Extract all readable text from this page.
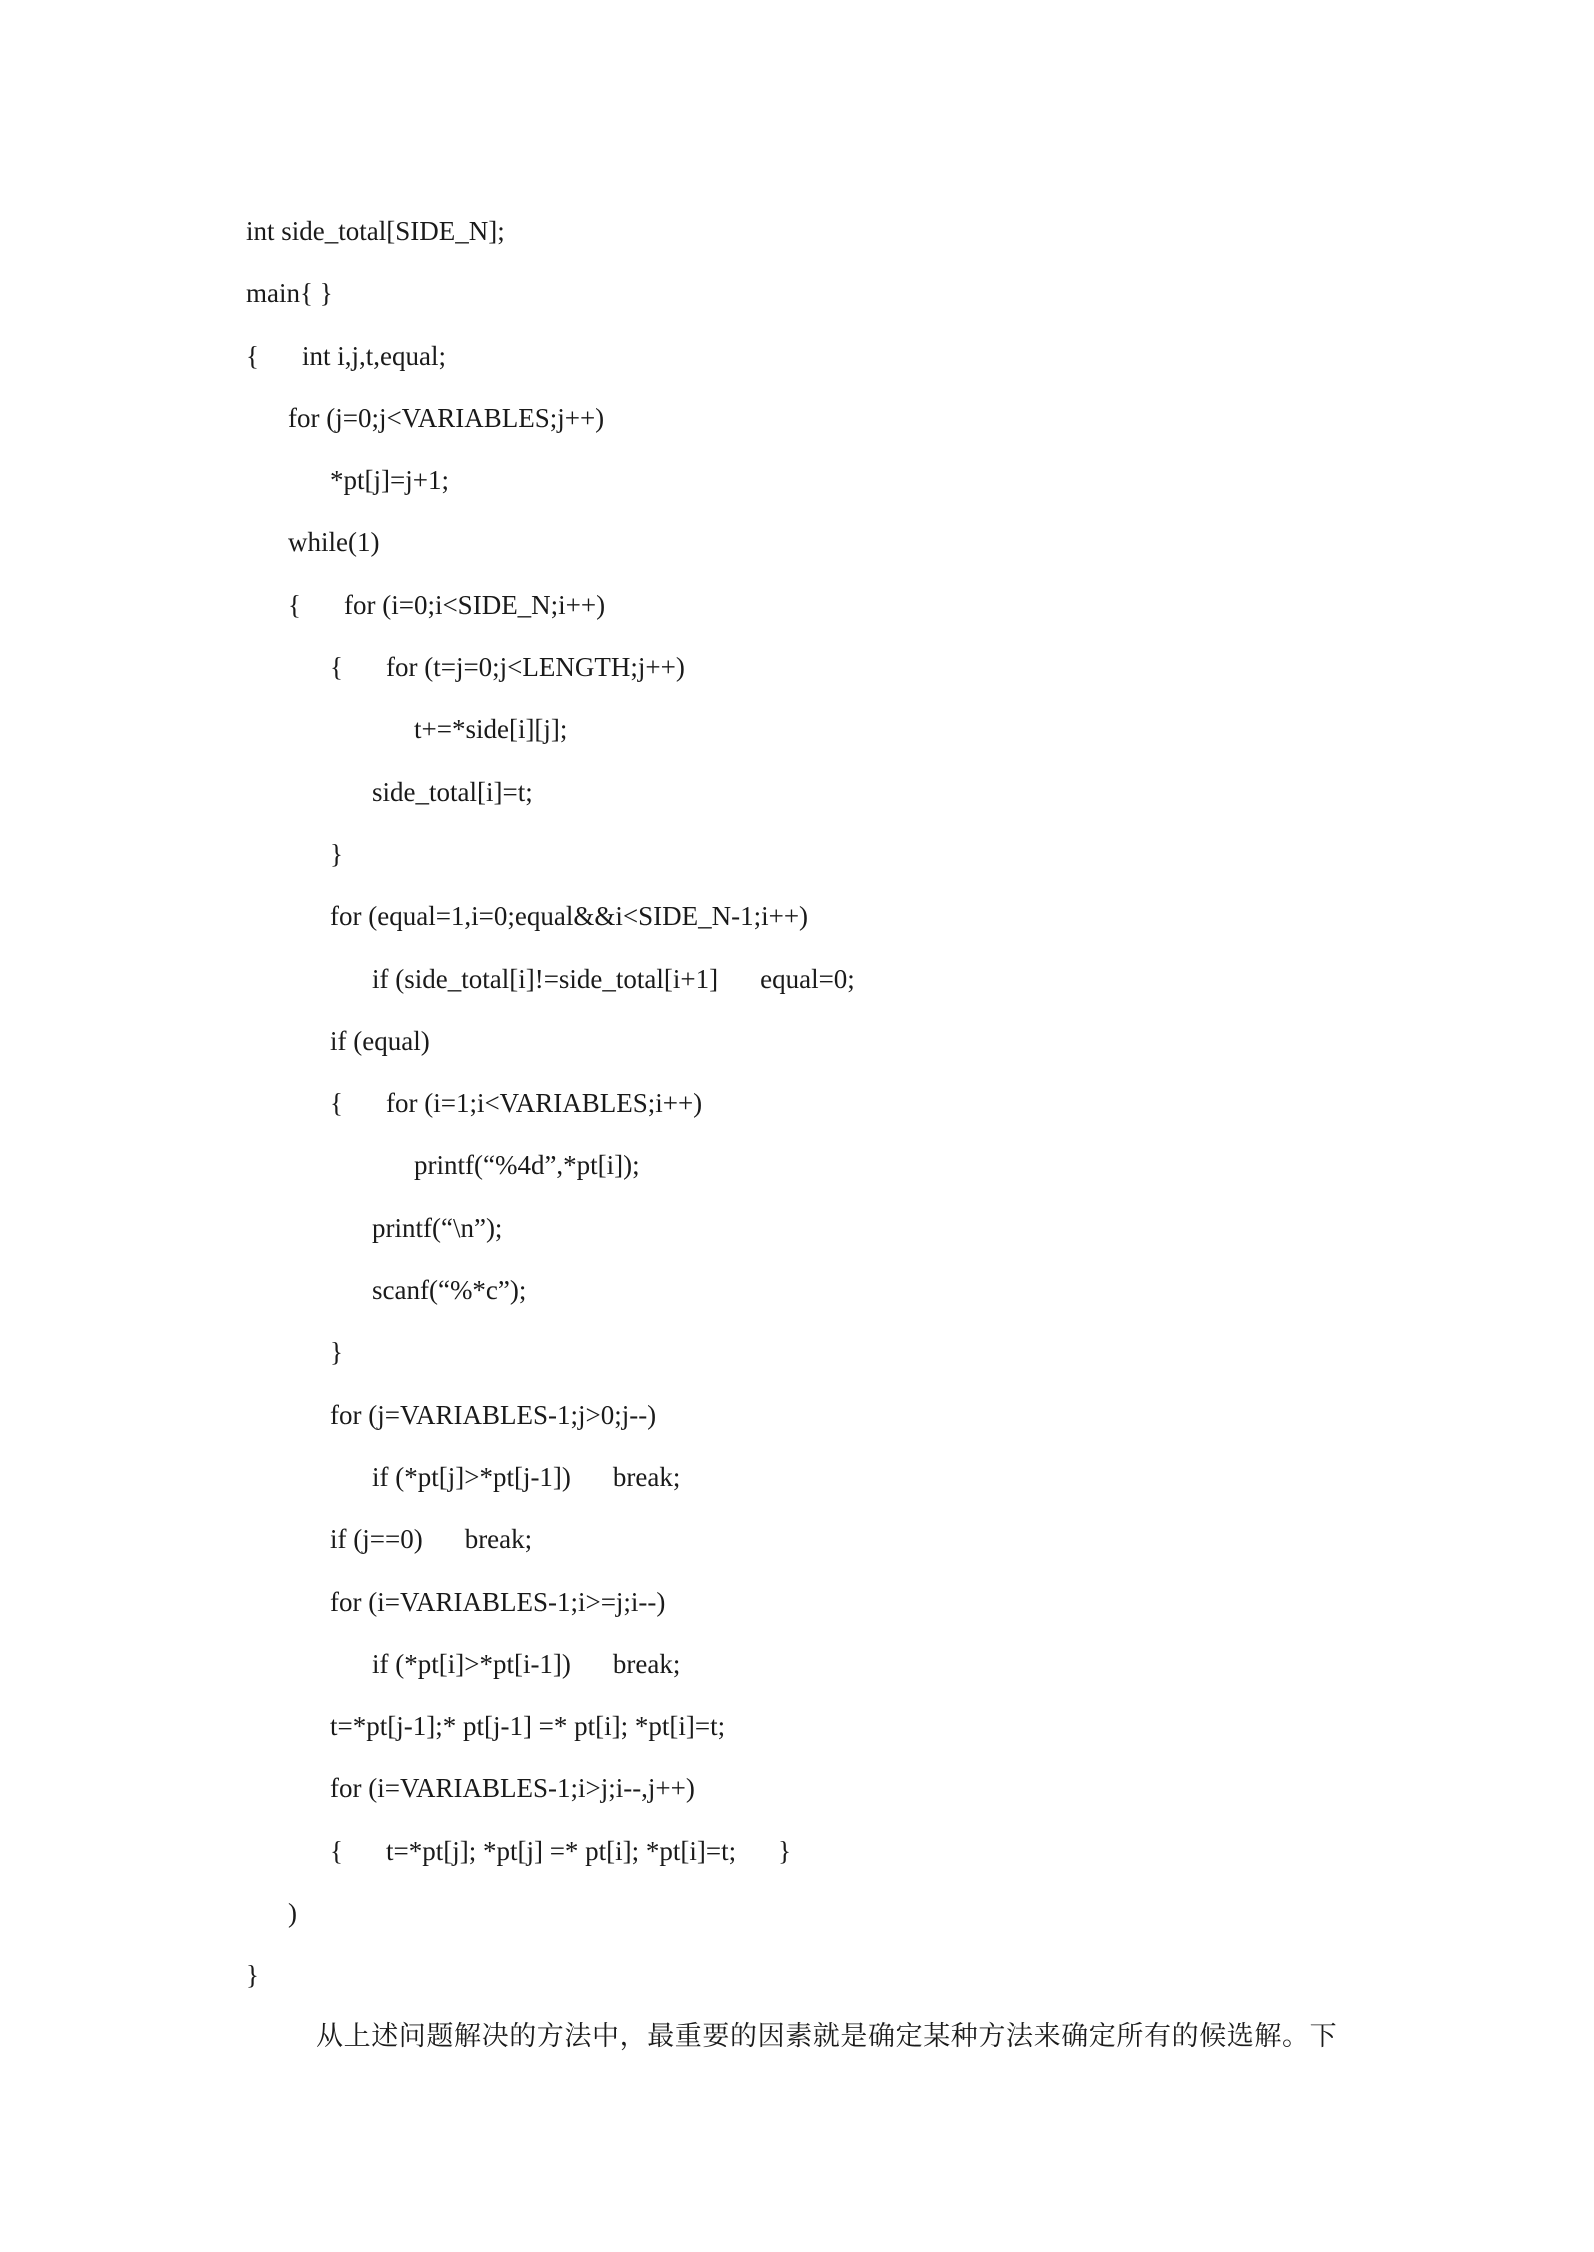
int side_total[SIDE_N];
main{ }
{ int i,j,t,equal;
for (j=0;j<VARIABLES;j++)
*pt[j]=j+1;
while(1)
{ for (i=0;i<SIDE_N;i++)
{ for (t=j=0;j<LENGTH;j++)
t+=*side[i][j];
side_total[i]=t;
}
for (equal=1,i=0;equal&&i<SIDE_N-1;i++)
if (side_total[i]!=side_total[i+1] equal=0;
if (equal)
{ for (i=1;i<VARIABLES;i++)
printf(“%4d”,*pt[i]);
printf(“\n”);
scanf(“%*c”);
}
for (j=VARIABLES-1;j>0;j--)
if (*pt[j]>*pt[j-1]) break;
if (j==0) break;
for (i=VARIABLES-1;i>=j;i--)
if (*pt[i]>*pt[i-1]) break;
t=*pt[j-1];* pt[j-1] =* pt[i]; *pt[i]=t;
for (i=VARIABLES-1;i>j;i--,j++)
{ t=*pt[j]; *pt[j] =* pt[i]; *pt[i]=t; }
)
}
从上述问题解决的方法中，最重要的因素就是确定某种方法来确定所有的候选解。下
